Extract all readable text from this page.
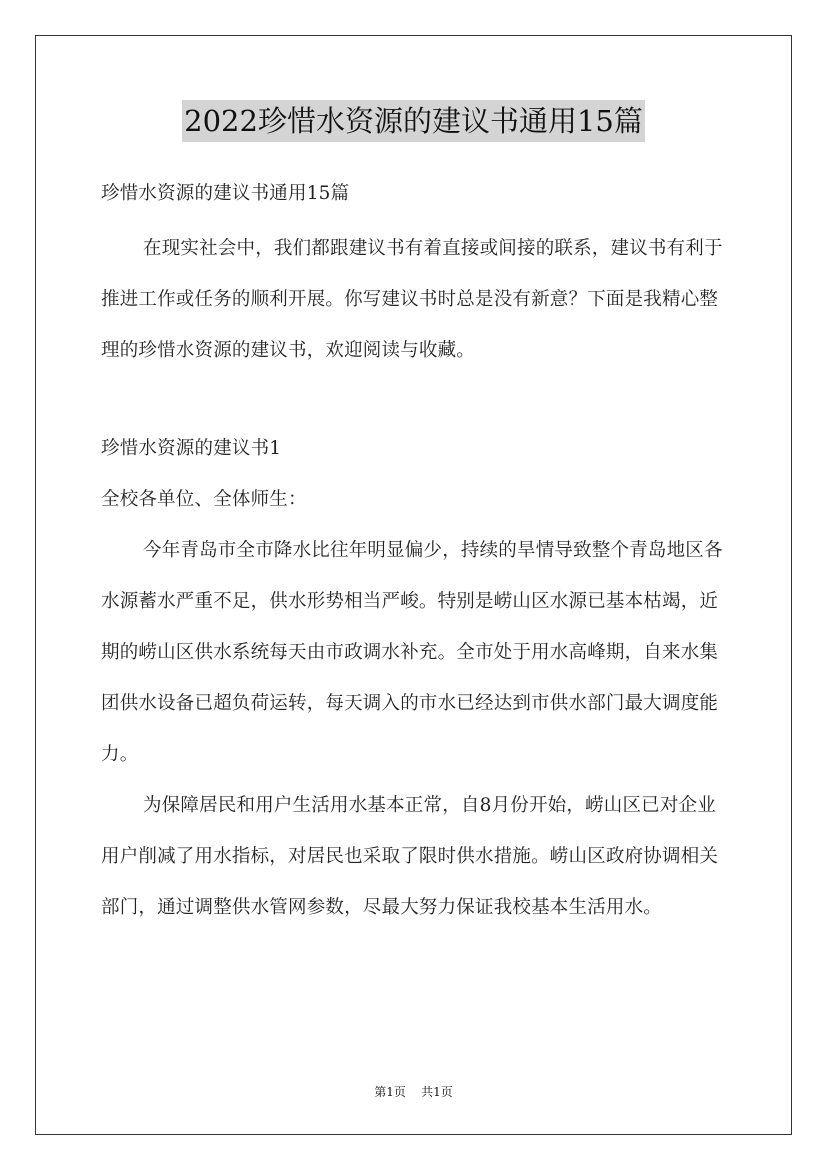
2022珍惜水资源的建议书通用15篇

珍惜水资源的建议书通用15篇

在现实社会中，我们都跟建议书有着直接或间接的联系，建议书有利于推进工作或任务的顺利开展。你写建议书时总是没有新意？下面是我精心整理的珍惜水资源的建议书，欢迎阅读与收藏。

珍惜水资源的建议书1

全校各单位、全体师生：

今年青岛市全市降水比往年明显偏少，持续的旱情导致整个青岛地区各水源蓄水严重不足，供水形势相当严峻。特别是崂山区水源已基本枯竭，近期的崂山区供水系统每天由市政调水补充。全市处于用水高峰期，自来水集团供水设备已超负荷运转，每天调入的市水已经达到市供水部门最大调度能力。

为保障居民和用户生活用水基本正常，自8月份开始，崂山区已对企业用户削减了用水指标，对居民也采取了限时供水措施。崂山区政府协调相关部门，通过调整供水管网参数，尽最大努力保证我校基本生活用水。

第1页 共1页
